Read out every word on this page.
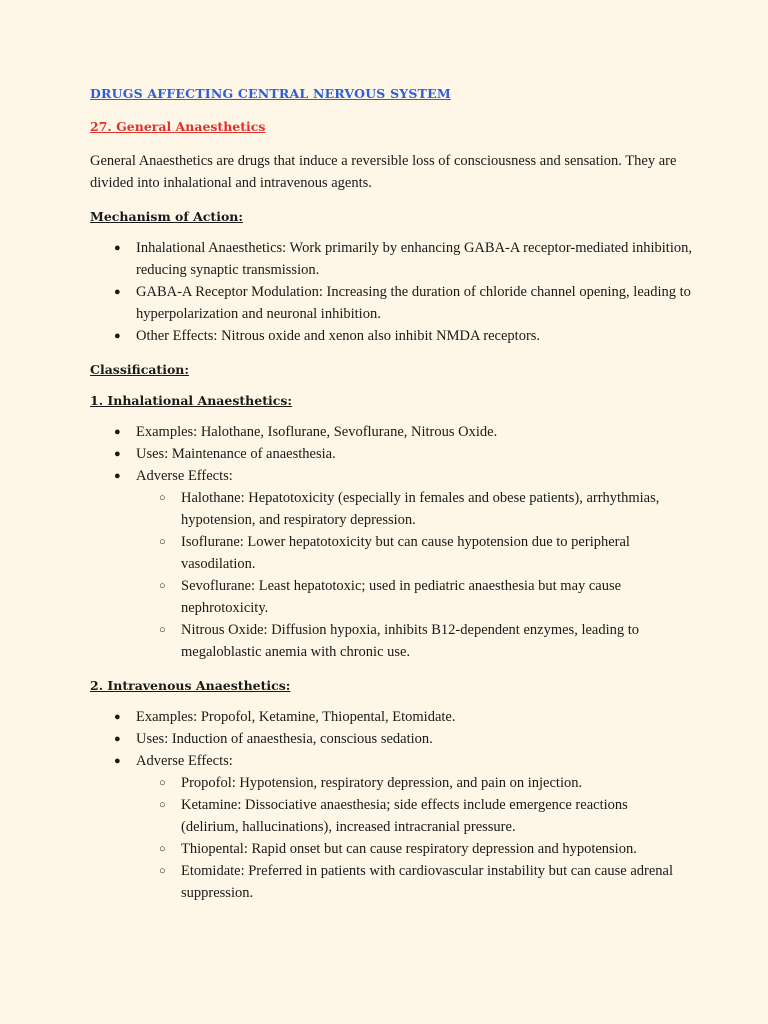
DRUGS AFFECTING CENTRAL NERVOUS SYSTEM
27. General Anaesthetics

General Anaesthetics are drugs that induce a reversible loss of consciousness and sensation. They are divided into inhalational and intravenous agents.

Mechanism of Action:
● Inhalational Anaesthetics: Work primarily by enhancing GABA-A receptor-mediated inhibition, reducing synaptic transmission.
● GABA-A Receptor Modulation: Increasing the duration of chloride channel opening, leading to hyperpolarization and neuronal inhibition.
● Other Effects: Nitrous oxide and xenon also inhibit NMDA receptors.
Classification:
1. Inhalational Anaesthetics:
● Examples: Halothane, Isoflurane, Sevoflurane, Nitrous Oxide.
● Uses: Maintenance of anaesthesia.
● Adverse Effects:
○ Halothane: Hepatotoxicity (especially in females and obese patients), arrhythmias, hypotension, and respiratory depression.
○ Isoflurane: Lower hepatotoxicity but can cause hypotension due to peripheral vasodilation.
○ Sevoflurane: Least hepatotoxic; used in pediatric anaesthesia but may cause nephrotoxicity.
○ Nitrous Oxide: Diffusion hypoxia, inhibits B12-dependent enzymes, leading to megaloblastic anemia with chronic use.
2. Intravenous Anaesthetics:
● Examples: Propofol, Ketamine, Thiopental, Etomidate.
● Uses: Induction of anaesthesia, conscious sedation.
● Adverse Effects:
○ Propofol: Hypotension, respiratory depression, and pain on injection.
○ Ketamine: Dissociative anaesthesia; side effects include emergence reactions (delirium, hallucinations), increased intracranial pressure.
○ Thiopental: Rapid onset but can cause respiratory depression and hypotension.
○ Etomidate: Preferred in patients with cardiovascular instability but can cause adrenal suppression.
